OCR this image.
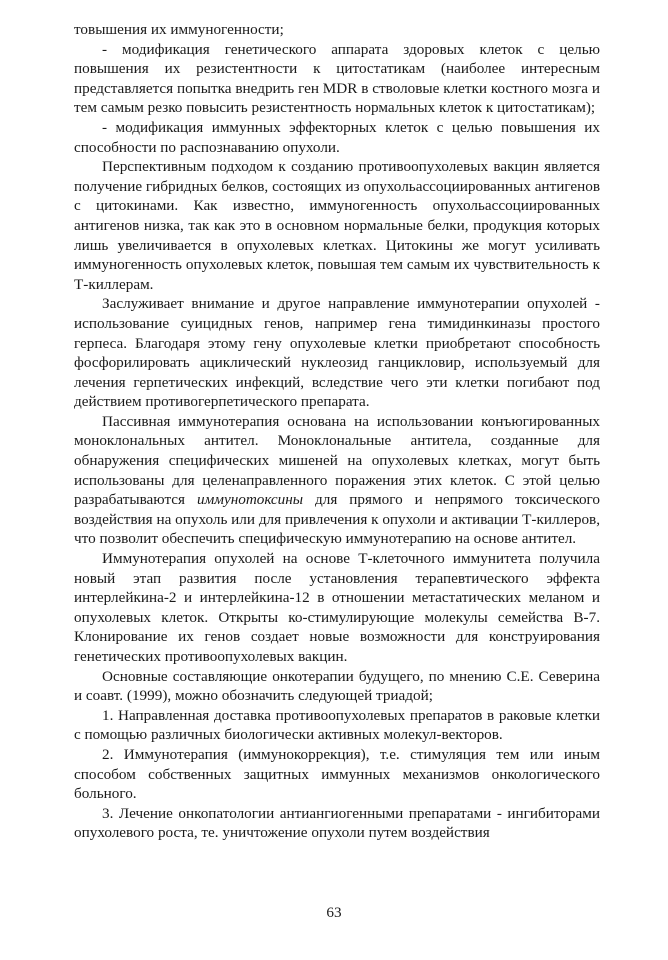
товышения их иммуногенности;

- модификация генетического аппарата здоровых клеток с целью повышения их резистентности к цитостатикам (наиболее интересным представляется попытка внедрить ген MDR в стволовые клетки костного мозга и тем самым резко повысить резистентность нормальных клеток к цитостатикам);

- модификация иммунных эффекторных клеток с целью повышения их способности по распознаванию опухоли.

Перспективным подходом к созданию противоопухолевых вакцин является получение гибридных белков, состоящих из опухольассоциированных антигенов с цитокинами. Как известно, иммуногенность опухольассоциированных антигенов низка, так как это в основном нормальные белки, продукция которых лишь увеличивается в опухолевых клетках. Цитокины же могут усиливать иммуногенность опухолевых клеток, повышая тем самым их чувствительность к Т-киллерам.

Заслуживает внимание и другое направление иммунотерапии опухолей - использование суицидных генов, например гена тимидинкиназы простого герпеса. Благодаря этому гену опухолевые клетки приобретают способность фосфорилировать ациклический нуклеозид ганцикловир, используемый для лечения герпетических инфекций, вследствие чего эти клетки погибают под действием противогерпетического препарата.

Пассивная иммунотерапия основана на использовании конъюгированных моноклональных антител. Моноклональные антитела, созданные для обнаружения специфических мишеней на опухолевых клетках, могут быть использованы для целенаправленного поражения этих клеток. С этой целью разрабатываются иммунотоксины для прямого и непрямого токсического воздействия на опухоль или для привлечения к опухоли и активации Т-киллеров, что позволит обеспечить специфическую иммунотерапию на основе антител.

Иммунотерапия опухолей на основе Т-клеточного иммунитета получила новый этап развития после установления терапевтического эффекта интерлейкина-2 и интерлейкина-12 в отношении метастатических меланом и опухолевых клеток. Открыты ко-стимулирующие молекулы семейства В-7. Клонирование их генов создает новые возможности для конструирования генетических противоопухолевых вакцин.

Основные составляющие онкотерапии будущего, по мнению С.Е. Северина и соавт. (1999), можно обозначить следующей триадой;

1. Направленная доставка противоопухолевых препаратов в раковые клетки с помощью различных биологически активных молекул-векторов.

2. Иммунотерапия (иммунокоррекция), т.е. стимуляция тем или иным способом собственных защитных иммунных механизмов онкологического больного.

3. Лечение онкопатологии антиангиогенными препаратами - ингибиторами опухолевого роста, те. уничтожение опухоли путем воздействия

63
